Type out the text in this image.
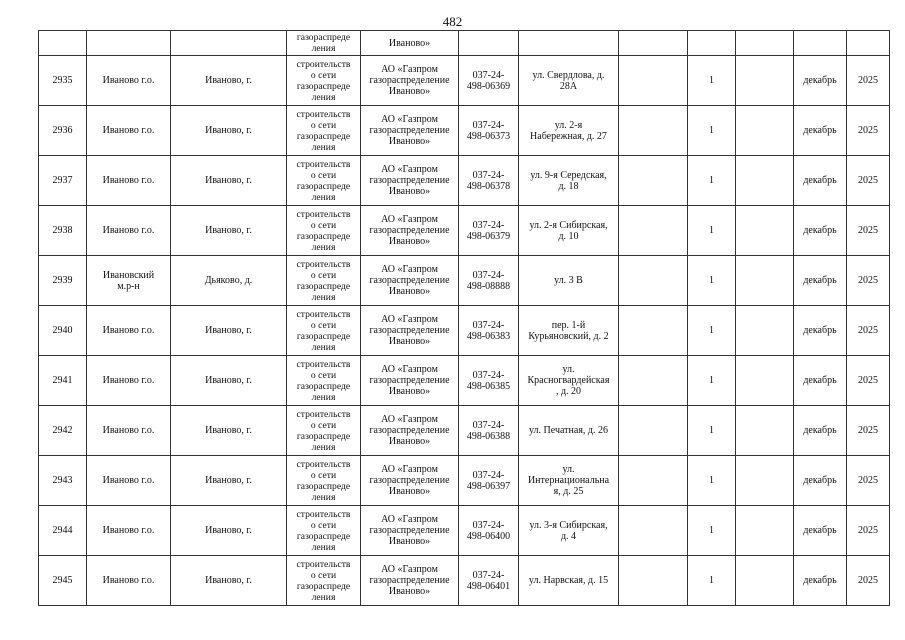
482

			газораспреде
ления	Иваново»							

2935	Иваново г.о.	Иваново, г.	строительств
о сети
газораспреде
ления	АО «Газпром
газораспределение
Иваново»	037-24-
498-06369	ул. Свердлова, д.
28А		1		декабрь	2025
2936	Иваново г.о.	Иваново, г.	строительств
о сети
газораспреде
ления	АО «Газпром
газораспределение
Иваново»	037-24-
498-06373	ул. 2-я
Набережная, д. 27		1		декабрь	2025
2937	Иваново г.о.	Иваново, г.	строительств
о сети
газораспреде
ления	АО «Газпром
газораспределение
Иваново»	037-24-
498-06378	ул. 9-я Середская,
д. 18		1		декабрь	2025
2938	Иваново г.о.	Иваново, г.	строительств
о сети
газораспреде
ления	АО «Газпром
газораспределение
Иваново»	037-24-
498-06379	ул. 2-я Сибирская,
д. 10		1		декабрь	2025
2939	Ивановский
м.р-н	Дьяково, д.	строительств
о сети
газораспреде
ления	АО «Газпром
газораспределение
Иваново»	037-24-
498-08888	ул. 3 В		1		декабрь	2025
2940	Иваново г.о.	Иваново, г.	строительств
о сети
газораспреде
ления	АО «Газпром
газораспределение
Иваново»	037-24-
498-06383	пер. 1-й
Курьяновский, д. 2		1		декабрь	2025
2941	Иваново г.о.	Иваново, г.	строительств
о сети
газораспреде
ления	АО «Газпром
газораспределение
Иваново»	037-24-
498-06385	ул.
Красногвардейская
, д. 20		1		декабрь	2025
2942	Иваново г.о.	Иваново, г.	строительств
о сети
газораспреде
ления	АО «Газпром
газораспределение
Иваново»	037-24-
498-06388	ул. Печатная, д. 26		1		декабрь	2025
2943	Иваново г.о.	Иваново, г.	строительств
о сети
газораспреде
ления	АО «Газпром
газораспределение
Иваново»	037-24-
498-06397	ул.
Интернациональна
я, д. 25		1		декабрь	2025
2944	Иваново г.о.	Иваново, г.	строительств
о сети
газораспреде
ления	АО «Газпром
газораспределение
Иваново»	037-24-
498-06400	ул. 3-я Сибирская,
д. 4		1		декабрь	2025
2945	Иваново г.о.	Иваново, г.	строительств
о сети
газораспреде
ления	АО «Газпром
газораспределение
Иваново»	037-24-
498-06401	ул. Нарвская, д. 15		1		декабрь	2025
